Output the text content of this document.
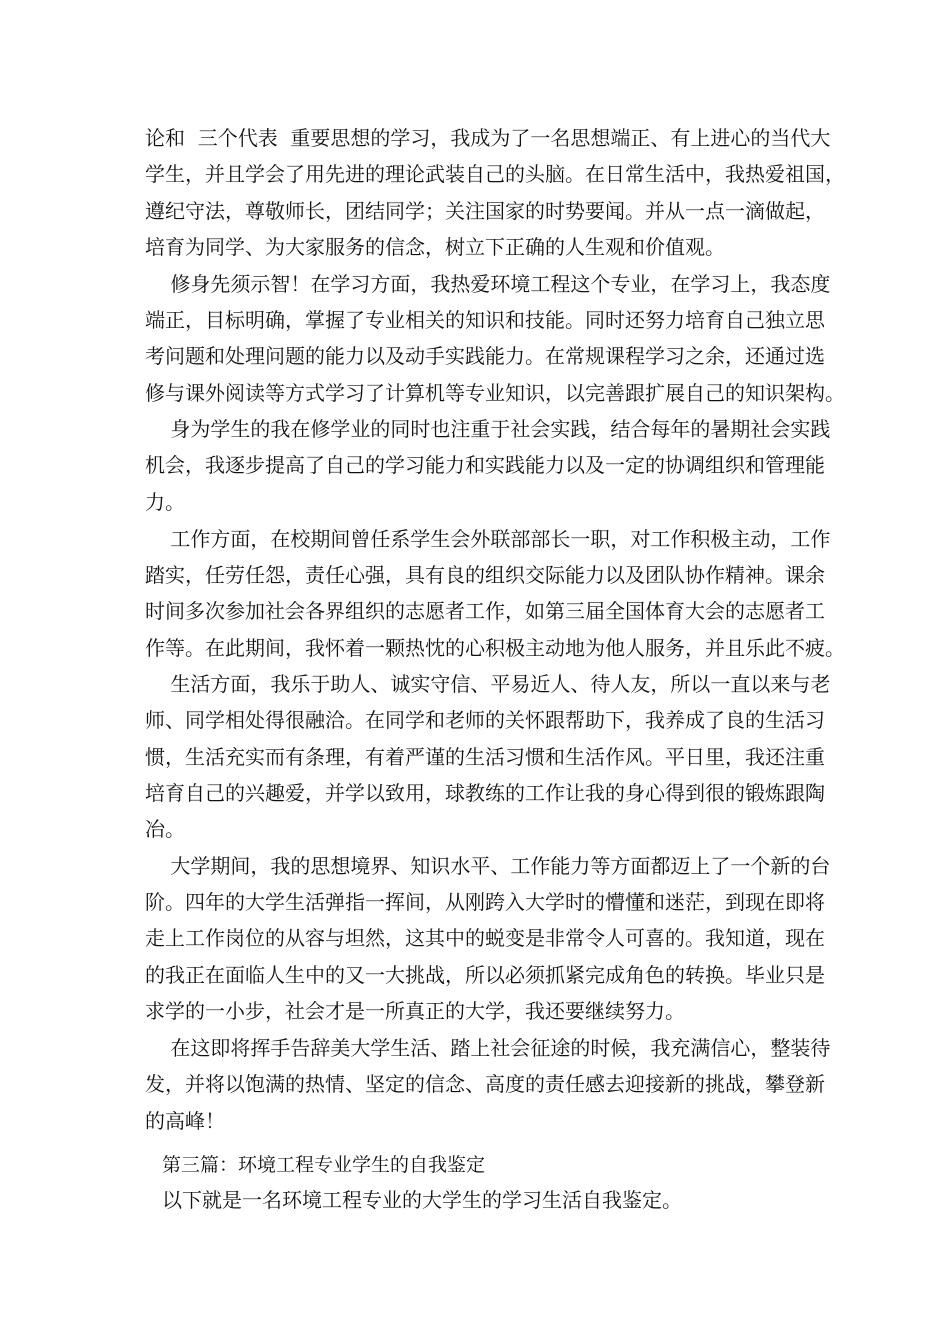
论和  三个代表  重要思想的学习，我成为了一名思想端正、有上进心的当代大
学生，并且学会了用先进的理论武装自己的头脑。在日常生活中，我热爱祖国，
遵纪守法，尊敬师长，团结同学；关注国家的时势要闻。并从一点一滴做起，
培育为同学、为大家服务的信念，树立下正确的人生观和价值观。
修身先须示智！在学习方面，我热爱环境工程这个专业，在学习上，我态度
端正，目标明确，掌握了专业相关的知识和技能。同时还努力培育自己独立思
考问题和处理问题的能力以及动手实践能力。在常规课程学习之余，还通过选
修与课外阅读等方式学习了计算机等专业知识，以完善跟扩展自己的知识架构。
身为学生的我在修学业的同时也注重于社会实践，结合每年的暑期社会实践
机会，我逐步提高了自己的学习能力和实践能力以及一定的协调组织和管理能
力。
工作方面，在校期间曾任系学生会外联部部长一职，对工作积极主动，工作
踏实，任劳任怨，责任心强，具有良的组织交际能力以及团队协作精神。课余
时间多次参加社会各界组织的志愿者工作，如第三届全国体育大会的志愿者工
作等。在此期间，我怀着一颗热忱的心积极主动地为他人服务，并且乐此不疲。
生活方面，我乐于助人、诚实守信、平易近人、待人友，所以一直以来与老
师、同学相处得很融洽。在同学和老师的关怀跟帮助下，我养成了良的生活习
惯，生活充实而有条理，有着严谨的生活习惯和生活作风。平日里，我还注重
培育自己的兴趣爱，并学以致用，球教练的工作让我的身心得到很的锻炼跟陶
冶。
大学期间，我的思想境界、知识水平、工作能力等方面都迈上了一个新的台
阶。四年的大学生活弹指一挥间，从刚跨入大学时的懵懂和迷茫，到现在即将
走上工作岗位的从容与坦然，这其中的蜕变是非常令人可喜的。我知道，现在
的我正在面临人生中的又一大挑战，所以必须抓紧完成角色的转换。毕业只是
求学的一小步，社会才是一所真正的大学，我还要继续努力。
在这即将挥手告辞美大学生活、踏上社会征途的时候，我充满信心，整装待
发，并将以饱满的热情、坚定的信念、高度的责任感去迎接新的挑战，攀登新
的高峰！
第三篇：环境工程专业学生的自我鉴定
以下就是一名环境工程专业的大学生的学习生活自我鉴定。
